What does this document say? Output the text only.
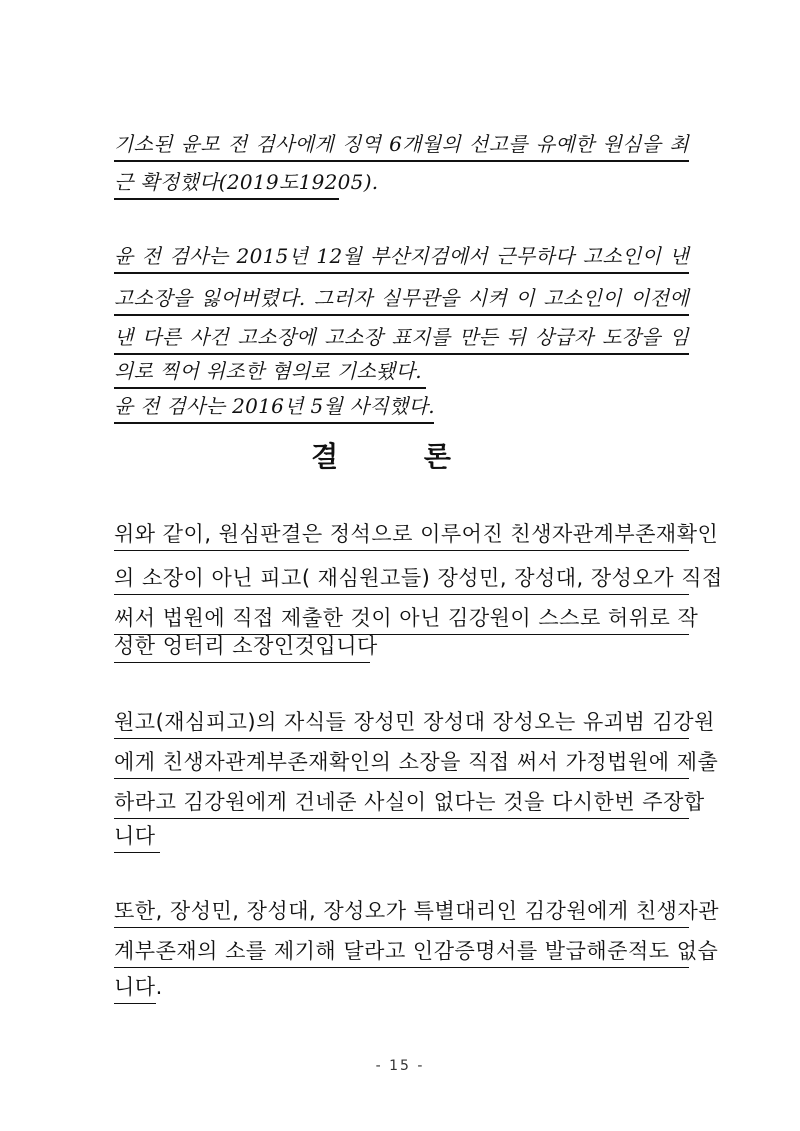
기소된 윤모 전 검사에게 징역 6개월의 선고를 유예한 원심을 최
근 확정했다(2019도19205).
윤 전 검사는 2015년 12월 부산지검에서 근무하다 고소인이 낸
고소장을 잃어버렸다. 그러자 실무관을 시켜 이 고소인이 이전에
낸 다른 사건 고소장에 고소장 표지를 만든 뒤 상급자 도장을 임
의로 찍어 위조한 혐의로 기소됐다.
윤 전 검사는 2016년 5월 사직했다.
결 론
위와 같이, 원심판결은 정석으로 이루어진 친생자관계부존재확인
의 소장이 아닌 피고( 재심원고들) 장성민, 장성대, 장성오가 직접
써서 법원에 직접 제출한 것이 아닌 김강원이 스스로 허위로 작
성한 엉터리 소장인것입니다
원고(재심피고)의 자식들 장성민 장성대 장성오는 유괴범 김강원
에게 친생자관계부존재확인의 소장을 직접 써서 가정법원에 제출
하라고 김강원에게 건네준 사실이 없다는 것을 다시한번 주장합
니다
또한, 장성민, 장성대, 장성오가 특별대리인 김강원에게 친생자관
계부존재의 소를 제기해 달라고 인감증명서를 발급해준적도 없습
니다.
- 15 -
